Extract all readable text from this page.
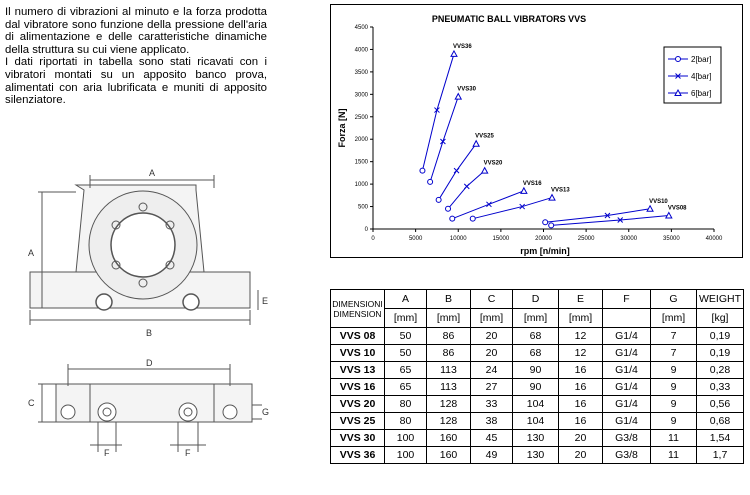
Il numero di vibrazioni al minuto e la forza prodotta dal vibratore sono funzione della pressione dell'aria di alimentazione e delle caratteristiche dinamiche della struttura su cui viene applicato.

I dati riportati in tabella sono stati ricavati con i vibratori montati su un apposito banco prova, alimentati con aria lubrificata e muniti di apposito silenziatore.

A
A
B
E
D
C
G
F	F
PNEUMATIC BALL VIBRATORS VVS
0	5000	10000	15000	20000	25000	30000	35000	40000
0
500
1000
1500
2000
2500
3000
3500
4000
4500
VVS36
VVS30
VVS25
VVS20
VVS16
VVS13
VVS10
VVS08
rpm [n/min]
Forza [N]
2[bar]
4[bar]
6[bar]
DIMENSIONI
DIMENSION	A	B	C	D	E	F	G	WEIGHT
	[mm]	[mm]	[mm]	[mm]	[mm]		[mm]	[kg]
VVS 08	50	86	20	68	12	G1/4	7	0,19
VVS 10	50	86	20	68	12	G1/4	7	0,19
VVS 13	65	113	24	90	16	G1/4	9	0,28
VVS 16	65	113	27	90	16	G1/4	9	0,33
VVS 20	80	128	33	104	16	G1/4	9	0,56
VVS 25	80	128	38	104	16	G1/4	9	0,68
VVS 30	100	160	45	130	20	G3/8	11	1,54
VVS 36	100	160	49	130	20	G3/8	11	1,7
